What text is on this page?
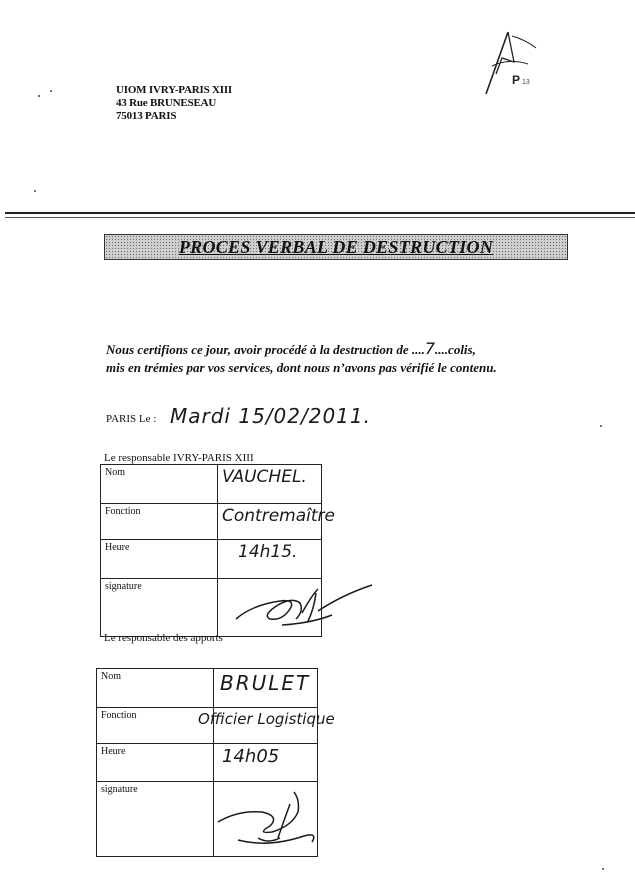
P 13
UIOM IVRY-PARIS XIII
43 Rue BRUNESEAU
75013 PARIS
PROCES VERBAL DE DESTRUCTION
Nous certifions ce jour, avoir procédé à la destruction de ....7....colis,
mis en trémies par vos services, dont nous n’avons pas vérifié le contenu.
PARIS Le : Mardi 15/02/2011.
Le responsable IVRY-PARIS XIII
Nom	VAUCHEL.

Fonction	Contremaître

Heure	14h15.

signature	
Le responsable des apports
Nom	BRULET

Fonction	Officier Logistique

Heure	14h05

signature	
